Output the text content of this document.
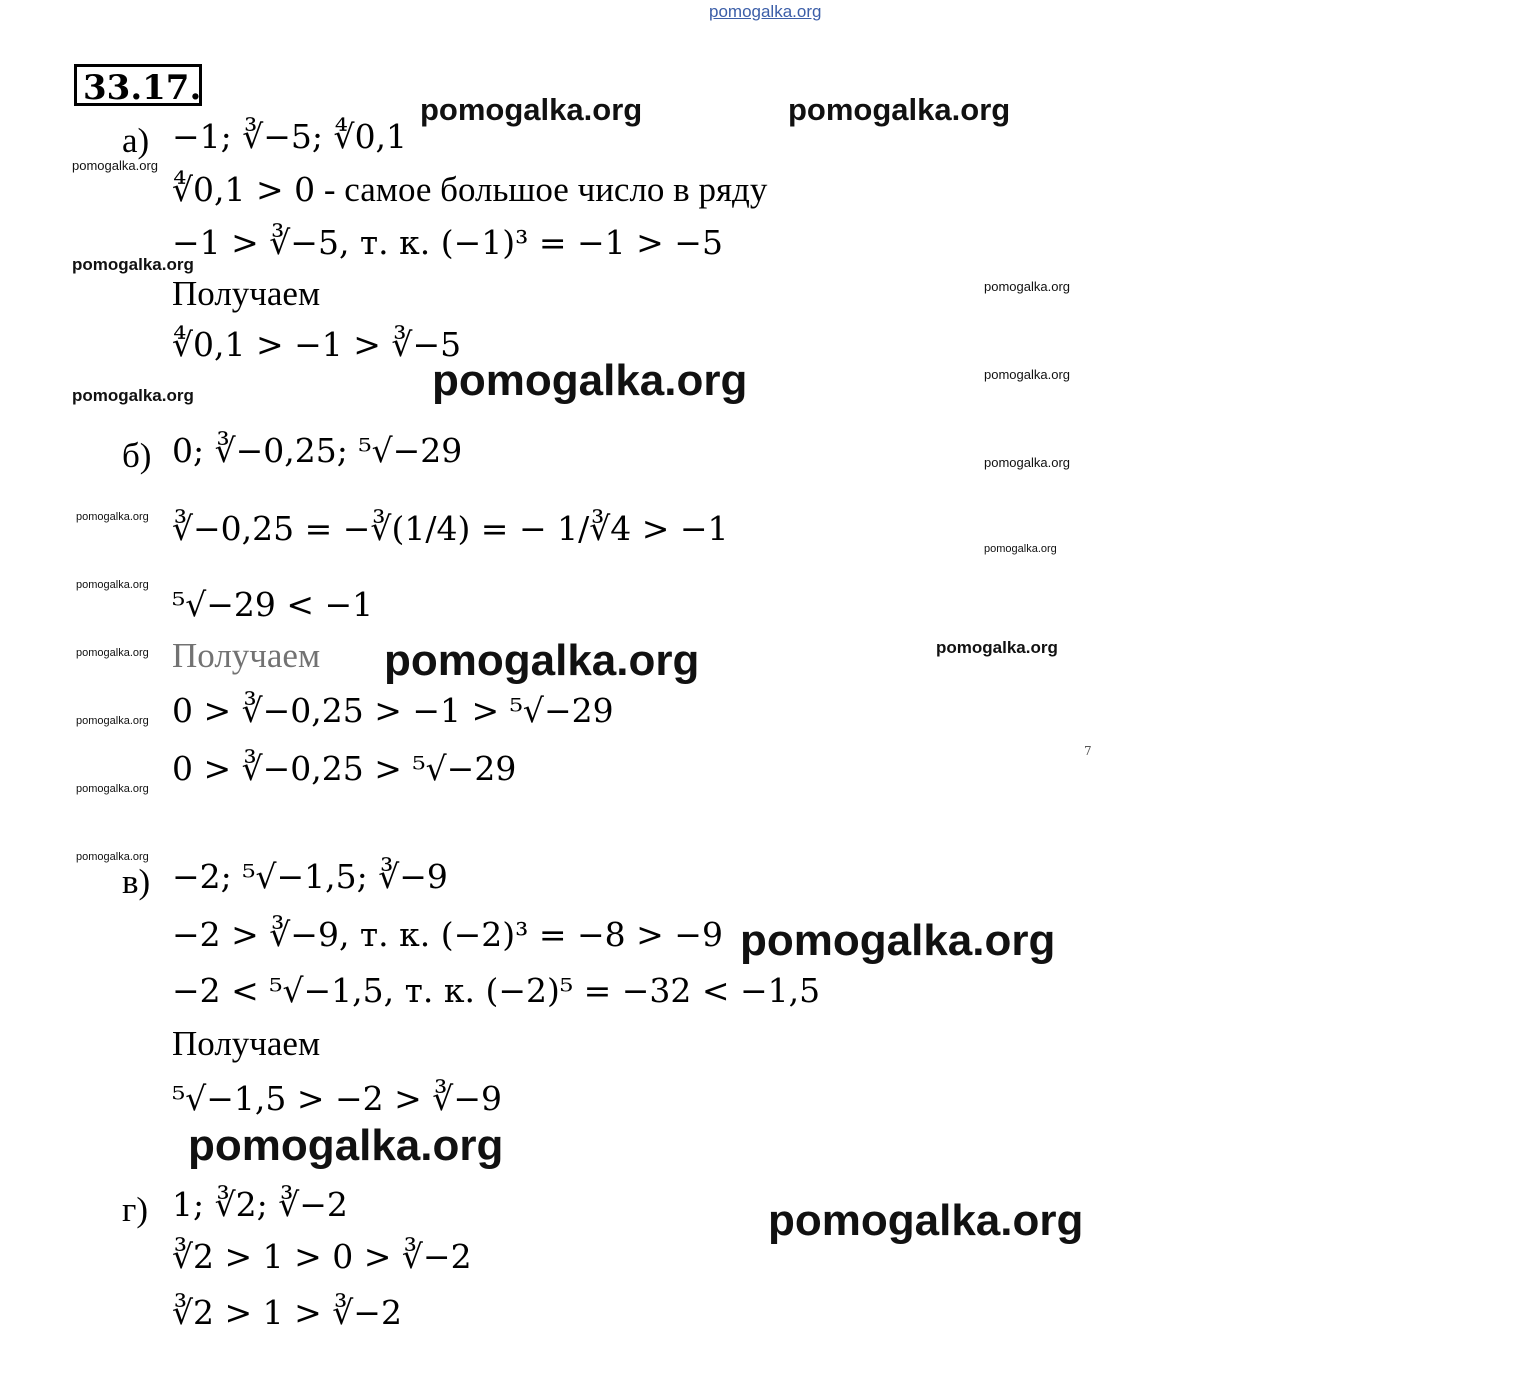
pomogalka.org
pomogalka.org	pomogalka.org
pomogalka.org
pomogalka.org
pomogalka.org
pomogalka.org	pomogalka.org
pomogalka.org
pomogalka.org
pomogalka.org
pomogalka.org
pomogalka.org
pomogalka.org	pomogalka.org
pomogalka.org
pomogalka.org
pomogalka.org
pomogalka.org
pomogalka.org
pomogalka.org
pomogalka.org
33.17.
а) −1; ∛−5; ∜0,1
∜0,1 > 0 - самое большое число в ряду
−1 > ∛−5, т. к. (−1)³ = −1 > −5
Получаем
∜0,1 > −1 > ∛−5
б) 0; ∛−0,25; ⁵√−29
∛−0,25 = −∛(1/4) = − 1/∛4 > −1
⁵√−29 < −1
Получаем
0 > ∛−0,25 > −1 > ⁵√−29
0 > ∛−0,25 > ⁵√−29	7
в) −2; ⁵√−1,5; ∛−9
−2 > ∛−9, т. к. (−2)³ = −8 > −9
−2 < ⁵√−1,5, т. к. (−2)⁵ = −32 < −1,5
Получаем
⁵√−1,5 > −2 > ∛−9
г) 1; ∛2; ∛−2
∛2 > 1 > 0 > ∛−2
∛2 > 1 > ∛−2
